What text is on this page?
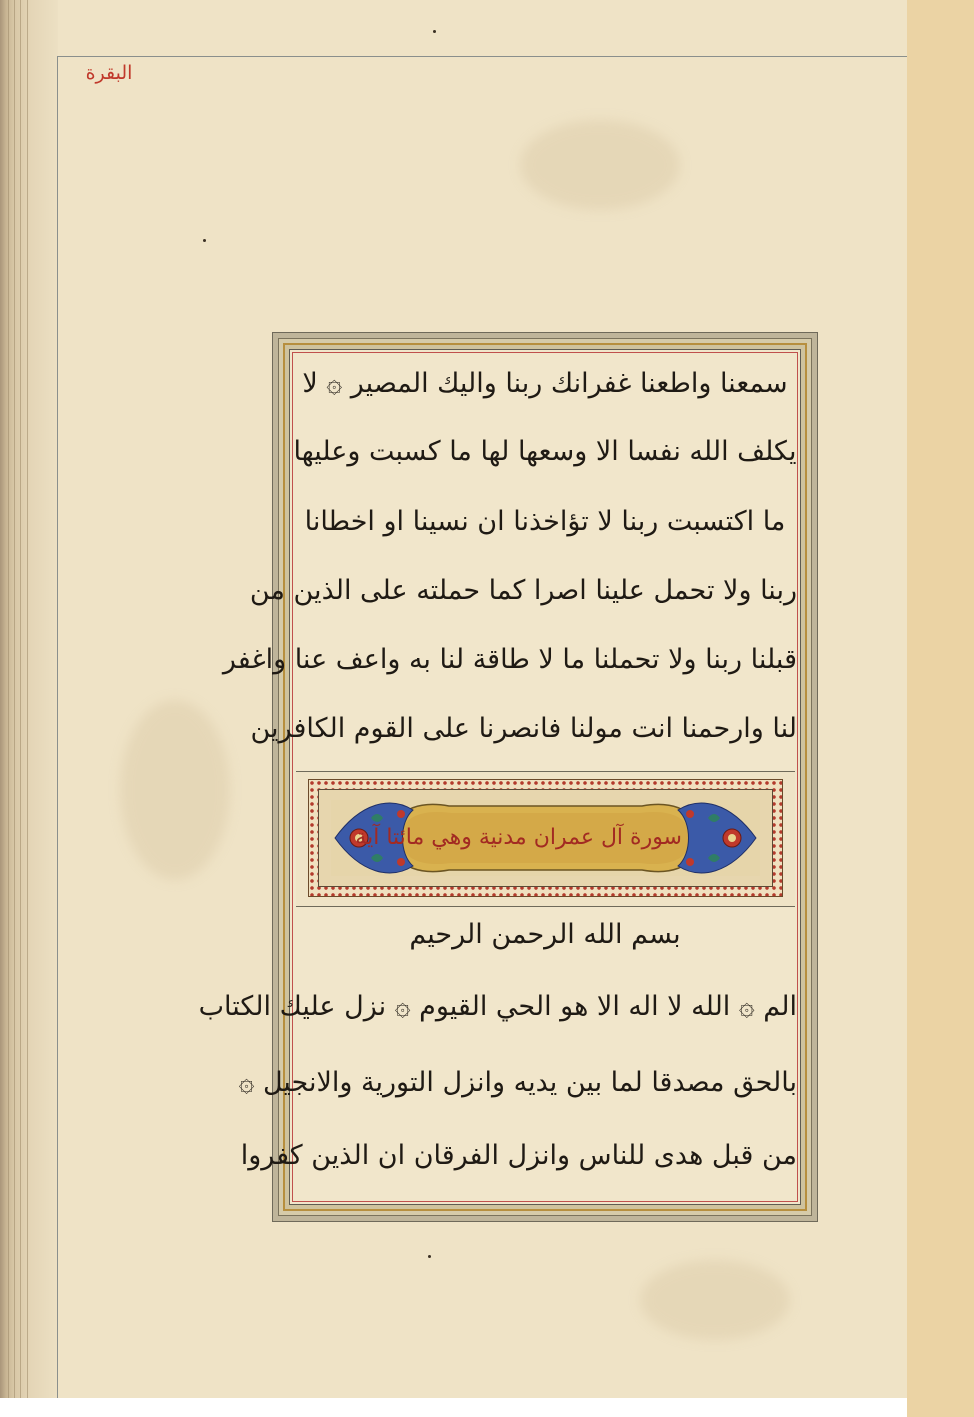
البقرة
سمعنا واطعنا غفرانك ربنا واليك المصير ۞ لا
يكلف الله نفسا الا وسعها لها ما كسبت وعليها
ما اكتسبت ربنا لا تؤاخذنا ان نسينا او اخطانا
ربنا ولا تحمل علينا اصرا كما حملته على الذين من
قبلنا ربنا ولا تحملنا ما لا طاقة لنا به واعف عنا واغفر
لنا وارحمنا انت مولنا فانصرنا على القوم الكافرين
سورة آل عمران مدنية وهي مائتا آية
بسم الله الرحمن الرحيم
الم ۞ الله لا اله الا هو الحي القيوم ۞ نزل عليك الكتاب
بالحق مصدقا لما بين يديه وانزل التورية والانجيل ۞
من قبل هدى للناس وانزل الفرقان ان الذين كفروا
